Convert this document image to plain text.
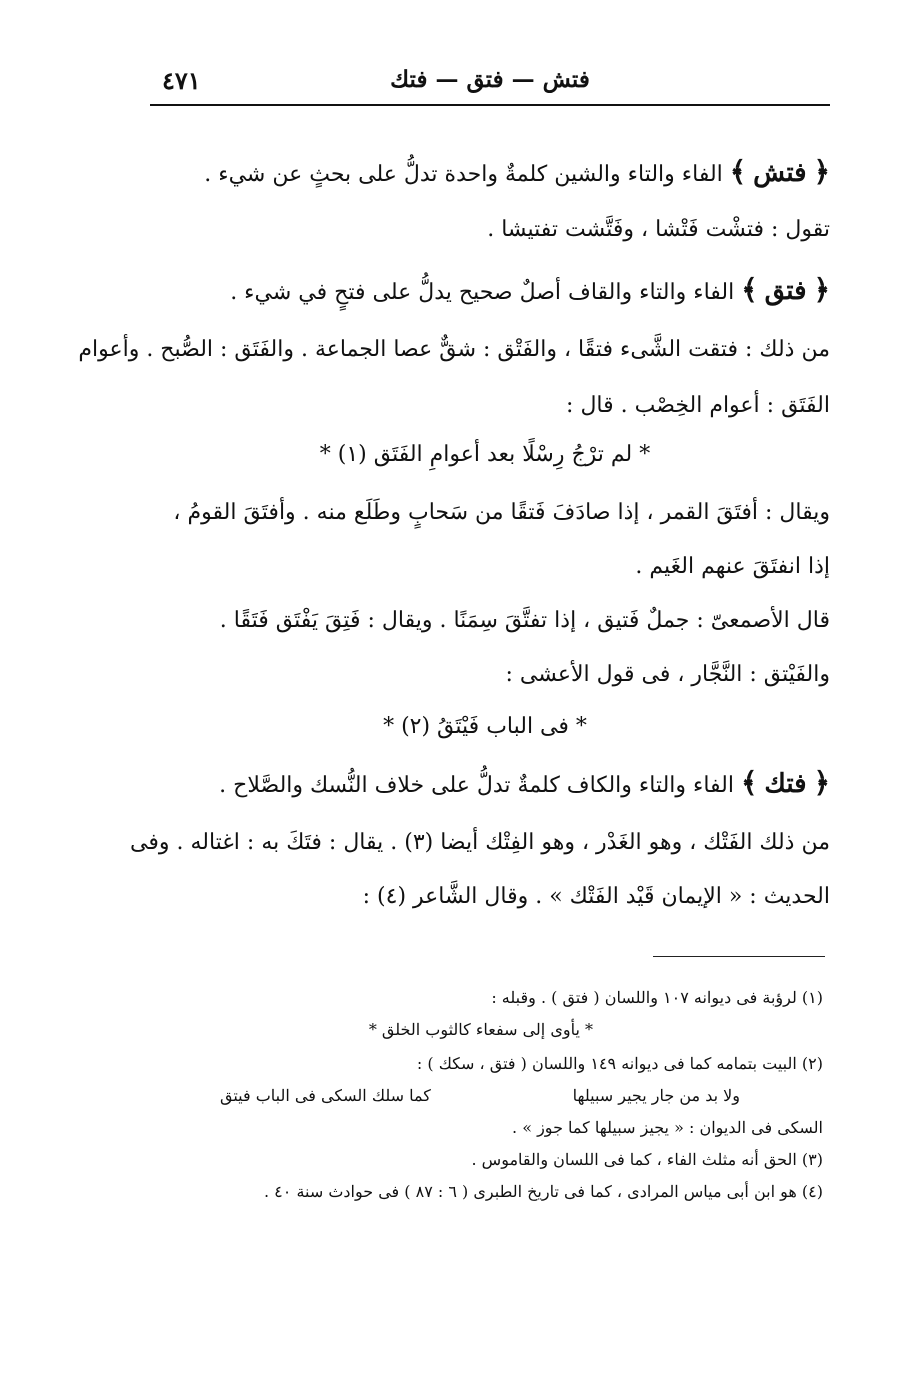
فتش — فتق — فتك
٤٧١
﴿ فتش ﴾ الفاء والتاء والشين كلمةٌ واحدة تدلُّ على بحثٍ عن شيء .
تقول : فتشْت فَتْشا ، وفَتَّشت تفتيشا .
﴿ فتق ﴾ الفاء والتاء والقاف أصلٌ صحيح يدلُّ على فتحٍ في شيء .
من ذلك : فتقت الشَّىء فتقًا ، والفَتْق : شقٌّ عصا الجماعة . والفَتَق : الصُّبح . وأعوام
الفَتَق : أعوام الخِصْب . قال :
* لم ترْجُ رِسْلًا بعد أعوامِ الفَتَق (١) *
ويقال : أفتَقَ القمر ، إذا صادَفَ فَتقًا من سَحابٍ وطَلَع منه . وأفتَقَ القومُ ،
إذا انفتَقَ عنهم الغَيم .
قال الأصمعىّ : جملٌ فَتيق ، إذا تفتَّقَ سِمَنًا . ويقال : فَتِقَ يَفْتَق فَتَقًا .
والفَيْتق : النَّجَّار ، فى قول الأعشى :
* فى الباب فَيْتَقُ (٢) *
﴿ فتك ﴾ الفاء والتاء والكاف كلمةٌ تدلُّ على خلاف النُّسك والصَّلاح .
من ذلك الفَتْك ، وهو الغَدْر ، وهو الفِتْك أيضا (٣) . يقال : فتَكَ به : اغتاله . وفى
الحديث : « الإيمان قَيْد الفَتْك » . وقال الشَّاعر (٤) :
(١) لرؤبة فى ديوانه ١٠٧ واللسان ( فتق ) . وقبله :
* يأوى إلى سفعاء كالثوب الخلق *
(٢) البيت بتمامه كما فى ديوانه ١٤٩ واللسان ( فتق ، سكك ) :
ولا بد من جار يجير سبيلها
كما سلك السكى فى الباب فيتق
السكى فى الديوان : « يجيز سبيلها كما جوز » .
(٣) الحق أنه مثلث الفاء ، كما فى اللسان والقاموس .
(٤) هو ابن أبى مياس المرادى ، كما فى تاريخ الطبرى ( ٦ : ٨٧ ) فى حوادث سنة ٤٠ .
